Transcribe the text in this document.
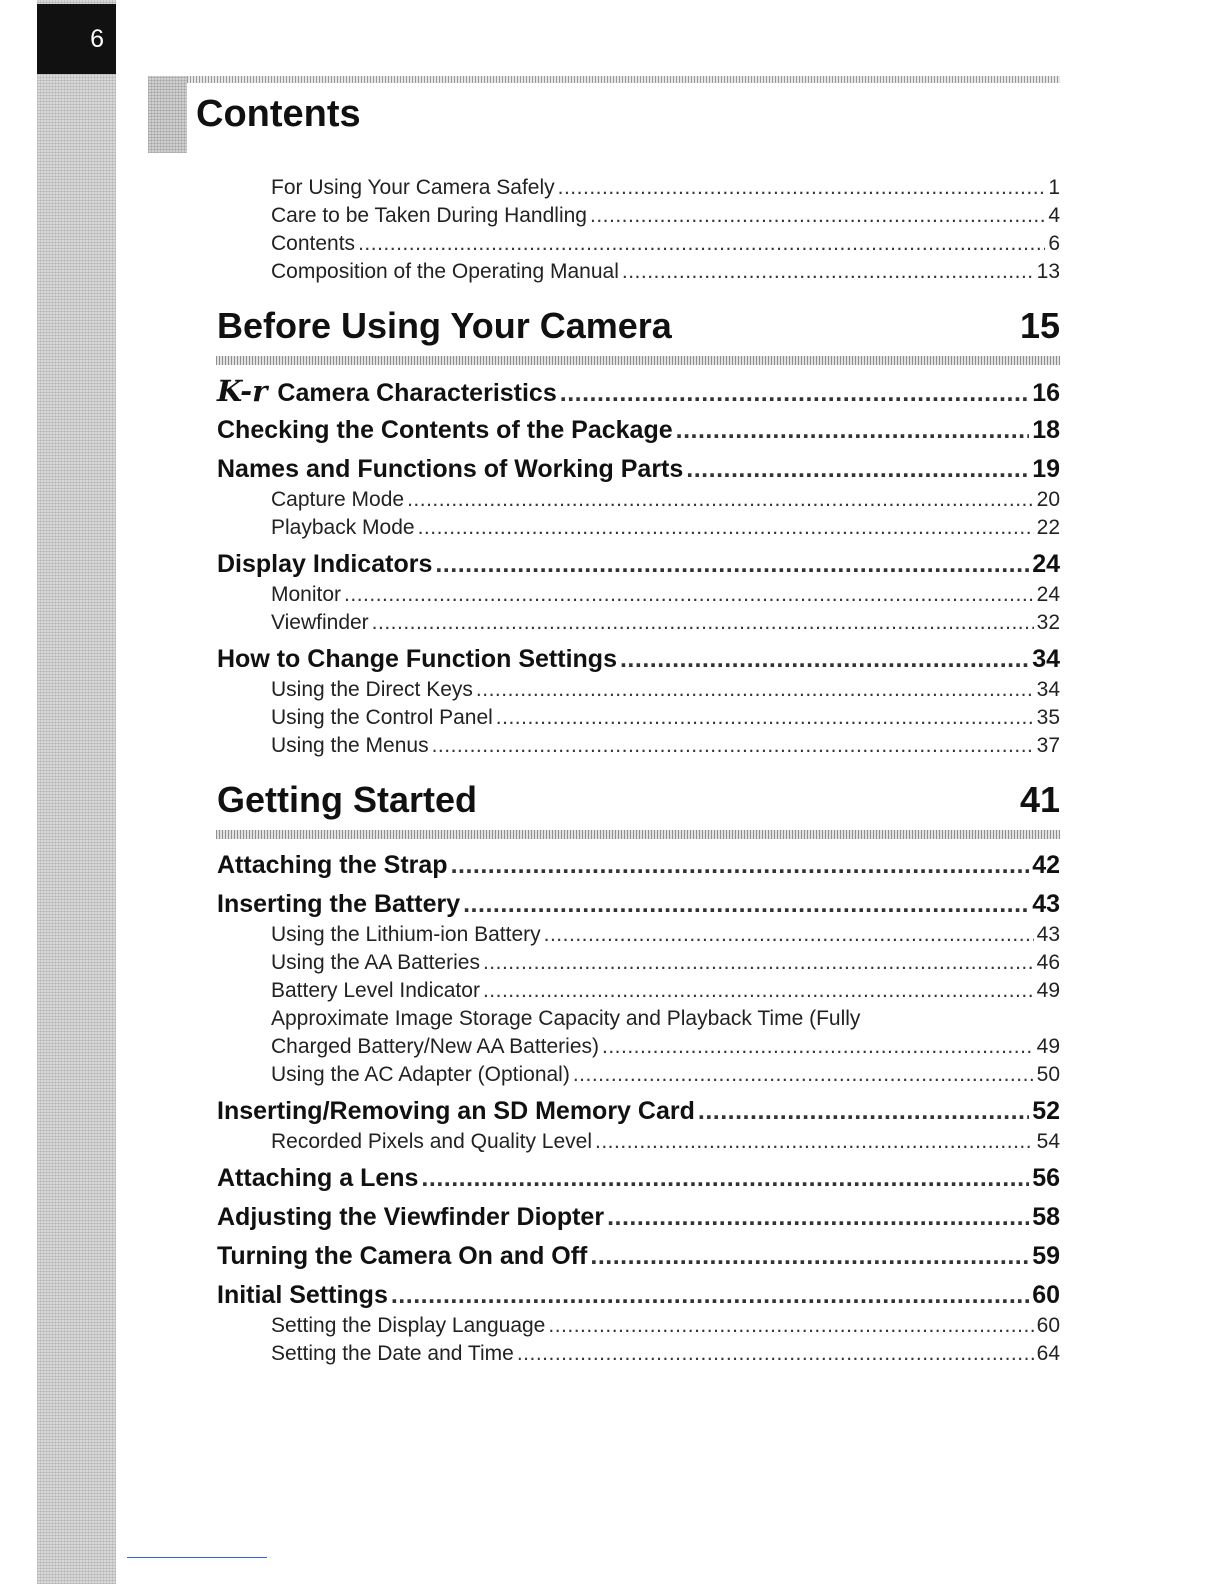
6
Contents
For Using Your Camera Safely .....	1
Care to be Taken During Handling .....	4
Contents .....	6
Composition of the Operating Manual .....	13
Before Using Your Camera	15
K-r Camera Characteristics .....	16
Checking the Contents of the Package .....	18
Names and Functions of Working Parts .....	19
Capture Mode .....	20
Playback Mode .....	22
Display Indicators .....	24
Monitor .....	24
Viewfinder .....	32
How to Change Function Settings .....	34
Using the Direct Keys .....	34
Using the Control Panel .....	35
Using the Menus .....	37
Getting Started	41
Attaching the Strap .....	42
Inserting the Battery .....	43
Using the Lithium-ion Battery .....	43
Using the AA Batteries .....	46
Battery Level Indicator .....	49
Approximate Image Storage Capacity and Playback Time (Fully
Charged Battery/New AA Batteries) .....	49
Using the AC Adapter (Optional) .....	50
Inserting/Removing an SD Memory Card .....	52
Recorded Pixels and Quality Level .....	54
Attaching a Lens .....	56
Adjusting the Viewfinder Diopter .....	58
Turning the Camera On and Off .....	59
Initial Settings .....	60
Setting the Display Language .....	60
Setting the Date and Time .....	64
